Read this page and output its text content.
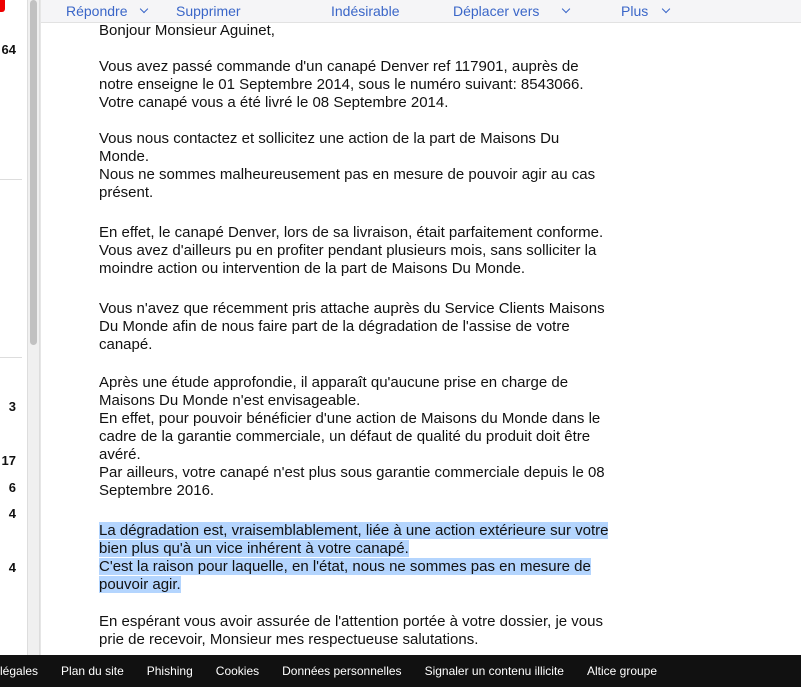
64
3
17
6
4
4
Répondre	Supprimer	Indésirable	Déplacer vers	Plus

Bonjour Monsieur Aguinet,

Vous avez passé commande d'un canapé Denver ref 117901, auprès de
notre enseigne le 01 Septembre 2014, sous le numéro suivant: 8543066.
Votre canapé vous a été livré le 08 Septembre 2014.

Vous nous contactez et sollicitez une action de la part de Maisons Du
Monde.
Nous ne sommes malheureusement pas en mesure de pouvoir agir au cas
présent.

En effet, le canapé Denver, lors de sa livraison, était parfaitement conforme.
Vous avez d'ailleurs pu en profiter pendant plusieurs mois, sans solliciter la
moindre action ou intervention de la part de Maisons Du Monde.

Vous n'avez que récemment pris attache auprès du Service Clients Maisons
Du Monde afin de nous faire part de la dégradation de l'assise de votre
canapé.

Après une étude approfondie, il apparaît qu'aucune prise en charge de
Maisons Du Monde n'est envisageable.
En effet, pour pouvoir bénéficier d'une action de Maisons du Monde dans le
cadre de la garantie commerciale, un défaut de qualité du produit doit être
avéré.
Par ailleurs, votre canapé n'est plus sous garantie commerciale depuis le 08
Septembre 2016.

La dégradation est, vraisemblablement, liée à une action extérieure sur votre
bien plus qu'à un vice inhérent à votre canapé.
C'est la raison pour laquelle, en l'état, nous ne sommes pas en mesure de
pouvoir agir.

En espérant vous avoir assurée de l'attention portée à votre dossier, je vous
prie de recevoir, Monsieur mes respectueuse salutations.

légales Plan du site Phishing Cookies Données personnelles Signaler un contenu illicite Altice groupe
